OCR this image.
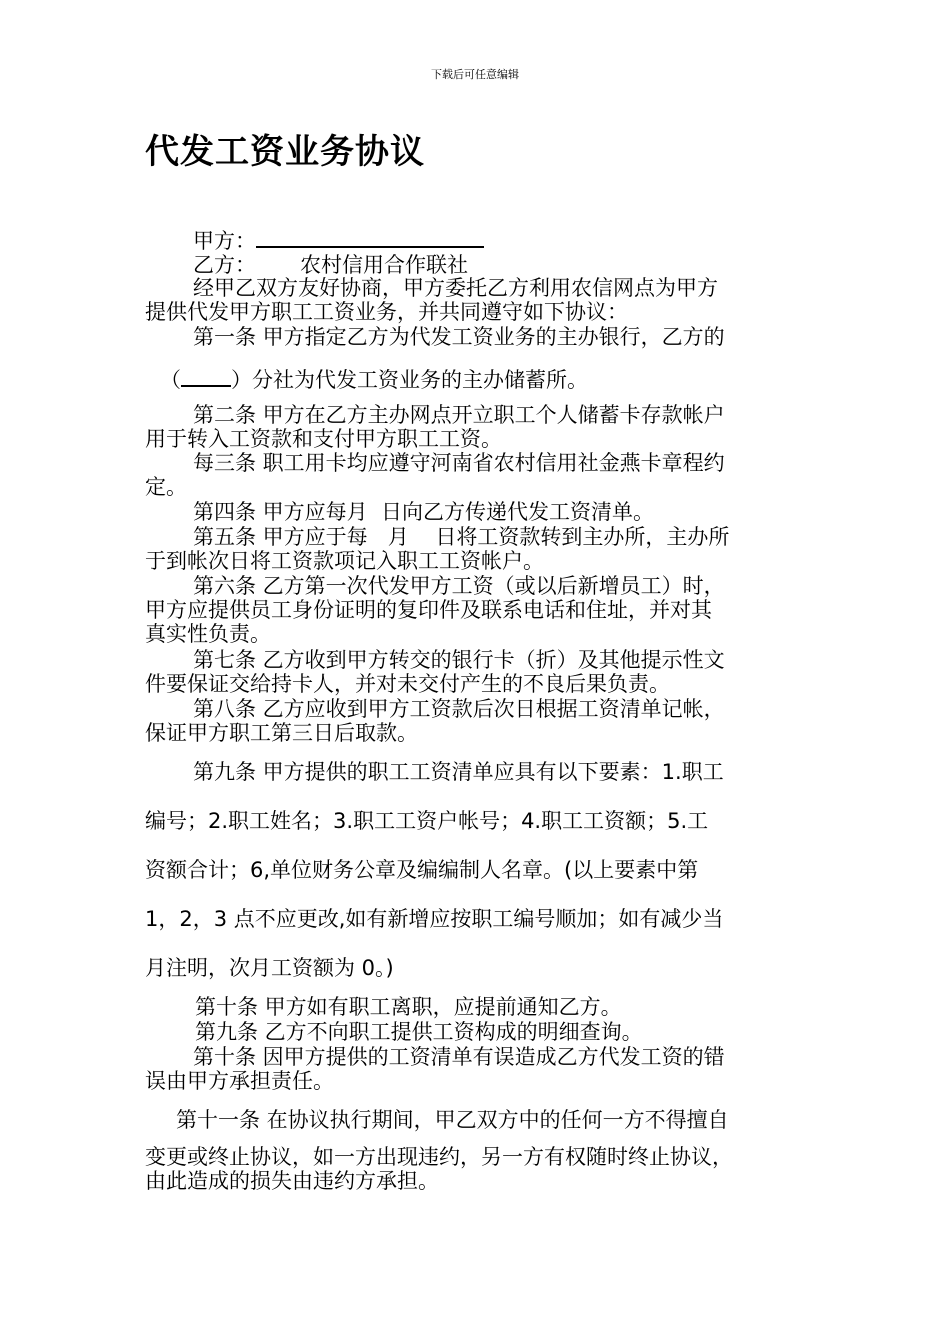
下载后可任意编辑
代发工资业务协议
甲方：
乙方： 农村信用合作联社
经甲乙双方友好协商，甲方委托乙方利用农信网点为甲方
提供代发甲方职工工资业务，并共同遵守如下协议：
第一条 甲方指定乙方为代发工资业务的主办银行，乙方的
（ ）分社为代发工资业务的主办储蓄所。
第二条 甲方在乙方主办网点开立职工个人储蓄卡存款帐户
用于转入工资款和支付甲方职工工资。
每三条 职工用卡均应遵守河南省农村信用社金燕卡章程约
定。
第四条 甲方应每月  日向乙方传递代发工资清单。
第五条 甲方应于每   月    日将工资款转到主办所，主办所
于到帐次日将工资款项记入职工工资帐户。
第六条 乙方第一次代发甲方工资（或以后新增员工）时，
甲方应提供员工身份证明的复印件及联系电话和住址，并对其
真实性负责。
第七条 乙方收到甲方转交的银行卡（折）及其他提示性文
件要保证交给持卡人，并对未交付产生的不良后果负责。
第八条 乙方应收到甲方工资款后次日根据工资清单记帐，
保证甲方职工第三日后取款。
第九条 甲方提供的职工工资清单应具有以下要素：1.职工
编号；2.职工姓名；3.职工工资户帐号；4.职工工资额；5.工
资额合计；6,单位财务公章及编编制人名章。(以上要素中第
1，2，3 点不应更改,如有新增应按职工编号顺加；如有减少当
月注明，次月工资额为 0。)
第十条 甲方如有职工离职，应提前通知乙方。
第九条 乙方不向职工提供工资构成的明细查询。
第十条 因甲方提供的工资清单有误造成乙方代发工资的错
误由甲方承担责任。
第十一条 在协议执行期间，甲乙双方中的任何一方不得擅自
变更或终止协议，如一方出现违约，另一方有权随时终止协议，
由此造成的损失由违约方承担。
